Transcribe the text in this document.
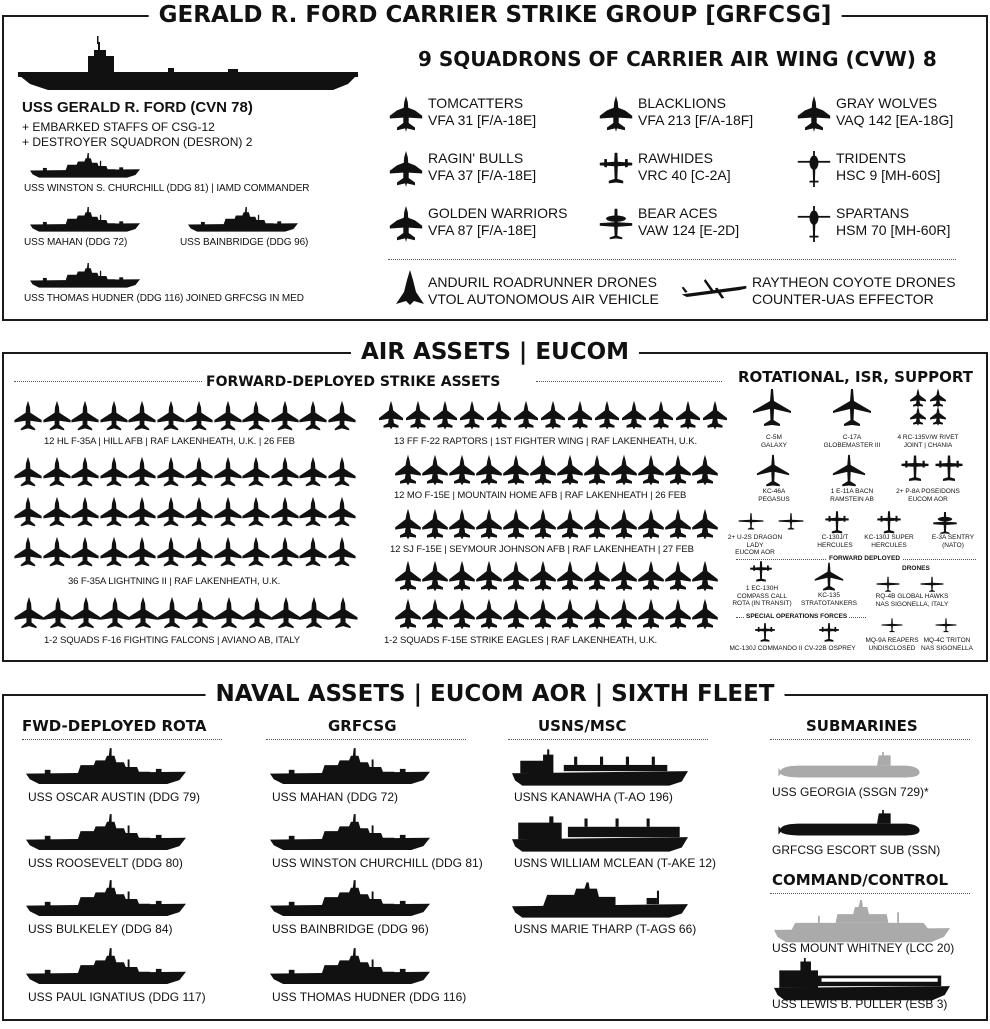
GERALD R. FORD CARRIER STRIKE GROUP [GRFCSG]
USS GERALD R. FORD (CVN 78)
+ EMBARKED STAFFS OF CSG-12
+ DESTROYER SQUADRON (DESRON) 2
USS WINSTON S. CHURCHILL (DDG 81) | IAMD COMMANDER
USS MAHAN (DDG 72)	USS BAINBRIDGE (DDG 96)
USS THOMAS HUDNER (DDG 116) JOINED GRFCSG IN MED
9 SQUADRONS OF CARRIER AIR WING (CVW) 8
TOMCATTERS
VFA 31 [F/A-18E]
BLACKLIONS
VFA 213 [F/A-18F]
GRAY WOLVES
VAQ 142 [EA-18G]
RAGIN' BULLS
VFA 37 [F/A-18E]
RAWHIDES
VRC 40 [C-2A]
TRIDENTS
HSC 9 [MH-60S]
GOLDEN WARRIORS
VFA 87 [F/A-18E]
BEAR ACES
VAW 124 [E-2D]
SPARTANS
HSM 70 [MH-60R]
ANDURIL ROADRUNNER DRONES
VTOL AUTONOMOUS AIR VEHICLE
RAYTHEON COYOTE DRONES
COUNTER-UAS EFFECTOR
AIR ASSETS | EUCOM
FORWARD-DEPLOYED STRIKE ASSETS
12 HL F-35A | HILL AFB | RAF LAKENHEATH, U.K. | 26 FEB	13 FF F-22 RAPTORS | 1ST FIGHTER WING | RAF LAKENHEATH, U.K.
36 F-35A LIGHTNING II | RAF LAKENHEATH, U.K.
12 MO F-15E | MOUNTAIN HOME AFB | RAF LAKENHEATH | 26 FEB
12 SJ F-15E | SEYMOUR JOHNSON AFB | RAF LAKENHEATH | 27 FEB
1-2 SQUADS F-16 FIGHTING FALCONS | AVIANO AB, ITALY	1-2 SQUADS F-15E STRIKE EAGLES | RAF LAKENHEATH, U.K.
ROTATIONAL, ISR, SUPPORT
C-5M
GALAXY
C-17A
GLOBEMASTER III
4 RC-135V/W RIVET
JOINT | CHANIA
KC-46A
PEGASUS
1 E-11A BACN
RAMSTEIN AB
2+ P-8A POSEIDONS
EUCOM AOR
2+ U-2S DRAGON LADY
EUCOM AOR
C-130J/T
HERCULES
KC-130J SUPER
HERCULES
E-3A SENTRY
(NATO)
FORWARD DEPLOYED
DRONES
1 EC-130H
COMPASS CALL
ROTA (IN TRANSIT)
KC-135
STRATOTANKERS
RQ-4B GLOBAL HAWKS
NAS SIGONELLA, ITALY
SPECIAL OPERATIONS FORCES
MC-130J COMMANDO II CV-22B OSPREY
MQ-9A REAPERS
UNDISCLOSED
MQ-4C TRITON
NAS SIGONELLA
NAVAL ASSETS | EUCOM AOR | SIXTH FLEET
FWD-DEPLOYED ROTA
USS OSCAR AUSTIN (DDG 79)
USS ROOSEVELT (DDG 80)
USS BULKELEY (DDG 84)
USS PAUL IGNATIUS (DDG 117)
GRFCSG
USS MAHAN (DDG 72)
USS WINSTON CHURCHILL (DDG 81)
USS BAINBRIDGE (DDG 96)
USS THOMAS HUDNER (DDG 116)
USNS/MSC
USNS KANAWHA (T-AO 196)
USNS WILLIAM MCLEAN (T-AKE 12)
USNS MARIE THARP (T-AGS 66)
SUBMARINES
USS GEORGIA (SSGN 729)*
GRFCSG ESCORT SUB (SSN)
COMMAND/CONTROL
USS MOUNT WHITNEY (LCC 20)
USS LEWIS B. PULLER (ESB 3)
